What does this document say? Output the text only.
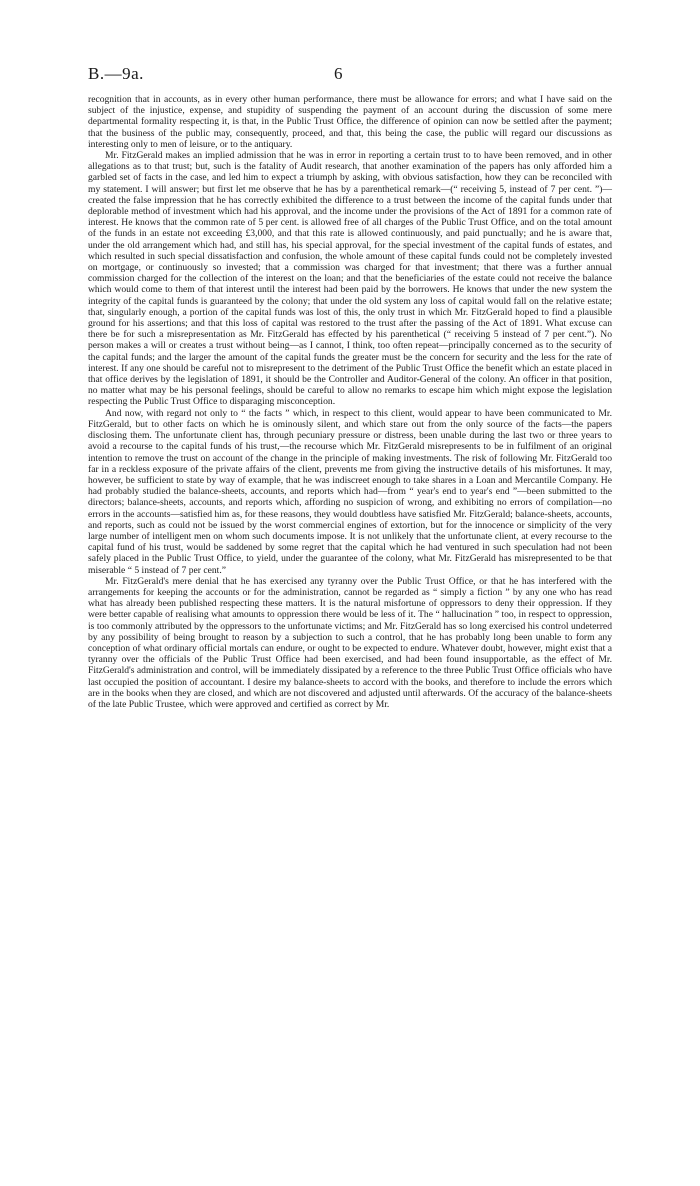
B.—9a.	6

recognition that in accounts, as in every other human performance, there must be allowance for errors; and what I have said on the subject of the injustice, expense, and stupidity of suspending the payment of an account during the discussion of some mere departmental formality respecting it, is that, in the Public Trust Office, the difference of opinion can now be settled after the payment; that the business of the public may, consequently, proceed, and that, this being the case, the public will regard our discussions as interesting only to men of leisure, or to the antiquary.

Mr. FitzGerald makes an implied admission that he was in error in reporting a certain trust to to have been removed, and in other allegations as to that trust; but, such is the fatality of Audit research, that another examination of the papers has only afforded him a garbled set of facts in the case, and led him to expect a triumph by asking, with obvious satisfaction, how they can be reconciled with my statement. I will answer; but first let me observe that he has by a parenthetical remark—(“ receiving 5, instead of 7 per cent. ”)—created the false impression that he has correctly exhibited the difference to a trust between the income of the capital funds under that deplorable method of investment which had his approval, and the income under the provisions of the Act of 1891 for a common rate of interest. He knows that the common rate of 5 per cent. is allowed free of all charges of the Public Trust Office, and on the total amount of the funds in an estate not exceeding £3,000, and that this rate is allowed continuously, and paid punctually; and he is aware that, under the old arrangement which had, and still has, his special approval, for the special investment of the capital funds of estates, and which resulted in such special dissatisfaction and confusion, the whole amount of these capital funds could not be completely invested on mortgage, or continuously so invested; that a commission was charged for that investment; that there was a further annual commission charged for the collection of the interest on the loan; and that the beneficiaries of the estate could not receive the balance which would come to them of that interest until the interest had been paid by the borrowers. He knows that under the new system the integrity of the capital funds is guaranteed by the colony; that under the old system any loss of capital would fall on the relative estate; that, singularly enough, a portion of the capital funds was lost of this, the only trust in which Mr. FitzGerald hoped to find a plausible ground for his assertions; and that this loss of capital was restored to the trust after the passing of the Act of 1891. What excuse can there be for such a misrepresentation as Mr. FitzGerald has effected by his parenthetical (“ receiving 5 instead of 7 per cent.”). No person makes a will or creates a trust without being—as I cannot, I think, too often repeat—principally concerned as to the security of the capital funds; and the larger the amount of the capital funds the greater must be the concern for security and the less for the rate of interest. If any one should be careful not to misrepresent to the detriment of the Public Trust Office the benefit which an estate placed in that office derives by the legislation of 1891, it should be the Controller and Auditor-General of the colony. An officer in that position, no matter what may be his personal feelings, should be careful to allow no remarks to escape him which might expose the legislation respecting the Public Trust Office to disparaging misconception.

And now, with regard not only to “ the facts ” which, in respect to this client, would appear to have been communicated to Mr. FitzGerald, but to other facts on which he is ominously silent, and which stare out from the only source of the facts—the papers disclosing them. The unfortunate client has, through pecuniary pressure or distress, been unable during the last two or three years to avoid a recourse to the capital funds of his trust,—the recourse which Mr. FitzGerald misrepresents to be in fulfilment of an original intention to remove the trust on account of the change in the principle of making investments. The risk of following Mr. FitzGerald too far in a reckless exposure of the private affairs of the client, prevents me from giving the instructive details of his misfortunes. It may, however, be sufficient to state by way of example, that he was indiscreet enough to take shares in a Loan and Mercantile Company. He had probably studied the balance-sheets, accounts, and reports which had—from “ year's end to year's end ”—been submitted to the directors; balance-sheets, accounts, and reports which, affording no suspicion of wrong, and exhibiting no errors of compilation—no errors in the accounts—satisfied him as, for these reasons, they would doubtless have satisfied Mr. FitzGerald; balance-sheets, accounts, and reports, such as could not be issued by the worst commercial engines of extortion, but for the innocence or simplicity of the very large number of intelligent men on whom such documents impose. It is not unlikely that the unfortunate client, at every recourse to the capital fund of his trust, would be saddened by some regret that the capital which he had ventured in such speculation had not been safely placed in the Public Trust Office, to yield, under the guarantee of the colony, what Mr. FitzGerald has misrepresented to be that miserable “ 5 instead of 7 per cent.”

Mr. FitzGerald's mere denial that he has exercised any tyranny over the Public Trust Office, or that he has interfered with the arrangements for keeping the accounts or for the administration, cannot be regarded as “ simply a fiction ” by any one who has read what has already been published respecting these matters. It is the natural misfortune of oppressors to deny their oppression. If they were better capable of realising what amounts to oppression there would be less of it. The “ hallucination ” too, in respect to oppression, is too commonly attributed by the oppressors to the unfortunate victims; and Mr. FitzGerald has so long exercised his control undeterred by any possibility of being brought to reason by a subjection to such a control, that he has probably long been unable to form any conception of what ordinary official mortals can endure, or ought to be expected to endure. Whatever doubt, however, might exist that a tyranny over the officials of the Public Trust Office had been exercised, and had been found insupportable, as the effect of Mr. FitzGerald's administration and control, will be immediately dissipated by a reference to the three Public Trust Office officials who have last occupied the position of accountant. I desire my balance-sheets to accord with the books, and therefore to include the errors which are in the books when they are closed, and which are not discovered and adjusted until afterwards. Of the accuracy of the balance-sheets of the late Public Trustee, which were approved and certified as correct by Mr.
